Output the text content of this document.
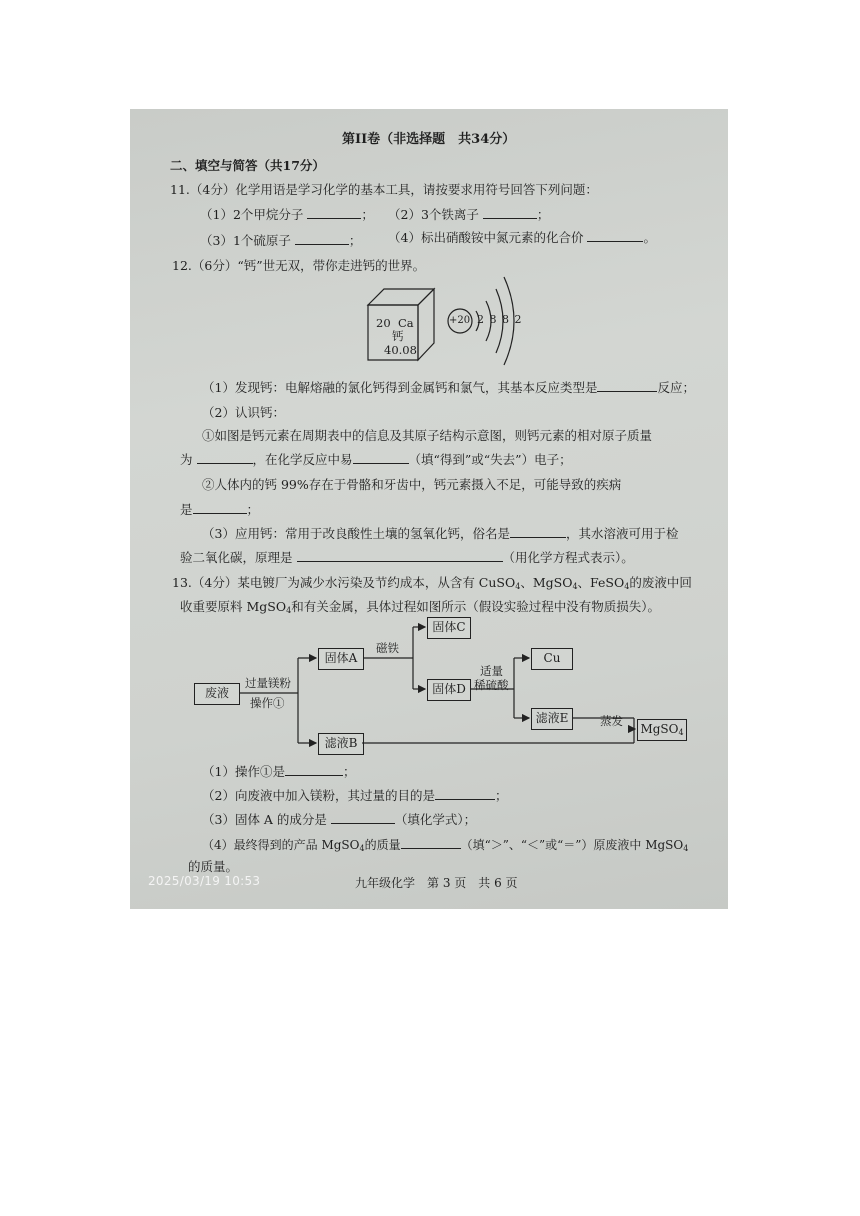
第II卷（非选择题　共34分）
二、填空与简答（共17分）
11.（4分）化学用语是学习化学的基本工具，请按要求用符号回答下列问题：
（1）2个甲烷分子	； （2）3个铁离子	；
（3）1个硫原子	； （4）标出硝酸铵中氮元素的化合价	。
12.（6分）“钙”世无双，带你走进钙的世界。
20 Ca
钙
40.08
+20 2 8 8 2
（1）发现钙：电解熔融的氯化钙得到金属钙和氯气，其基本反应类型是	反应；
（2）认识钙：
①如图是钙元素在周期表中的信息及其原子结构示意图，则钙元素的相对原子质量
为	，在化学反应中易	（填“得到”或“失去”）电子；
②人体内的钙 99%存在于骨骼和牙齿中，钙元素摄入不足，可能导致的疾病
是	；
（3）应用钙：常用于改良酸性土壤的氢氧化钙，俗名是	，其水溶液可用于检
验二氧化碳，原理是	（用化学方程式表示）。
13.（4分）某电镀厂为减少水污染及节约成本，从含有 CuSO$_4$、MgSO$_4$、FeSO$_4$的废液中回
收重要原料 MgSO$_4$和有关金属，具体过程如图所示（假设实验过程中没有物质损失）。
废液
过量镁粉
操作①
固体A
滤液B
磁铁
固体C
固体D
适量
稀硫酸
Cu
滤液E	蒸发
MgSO$_4$
（1）操作①是	；
（2）向废液中加入镁粉，其过量的目的是	；
（3）固体 A 的成分是	（填化学式）；
（4）最终得到的产品 MgSO$_4$的质量	（填“＞”、“＜”或“＝”）原废液中 MgSO$_4$
的质量。
2025/03/19 10:53	九年级化学　第 3 页　共 6 页
